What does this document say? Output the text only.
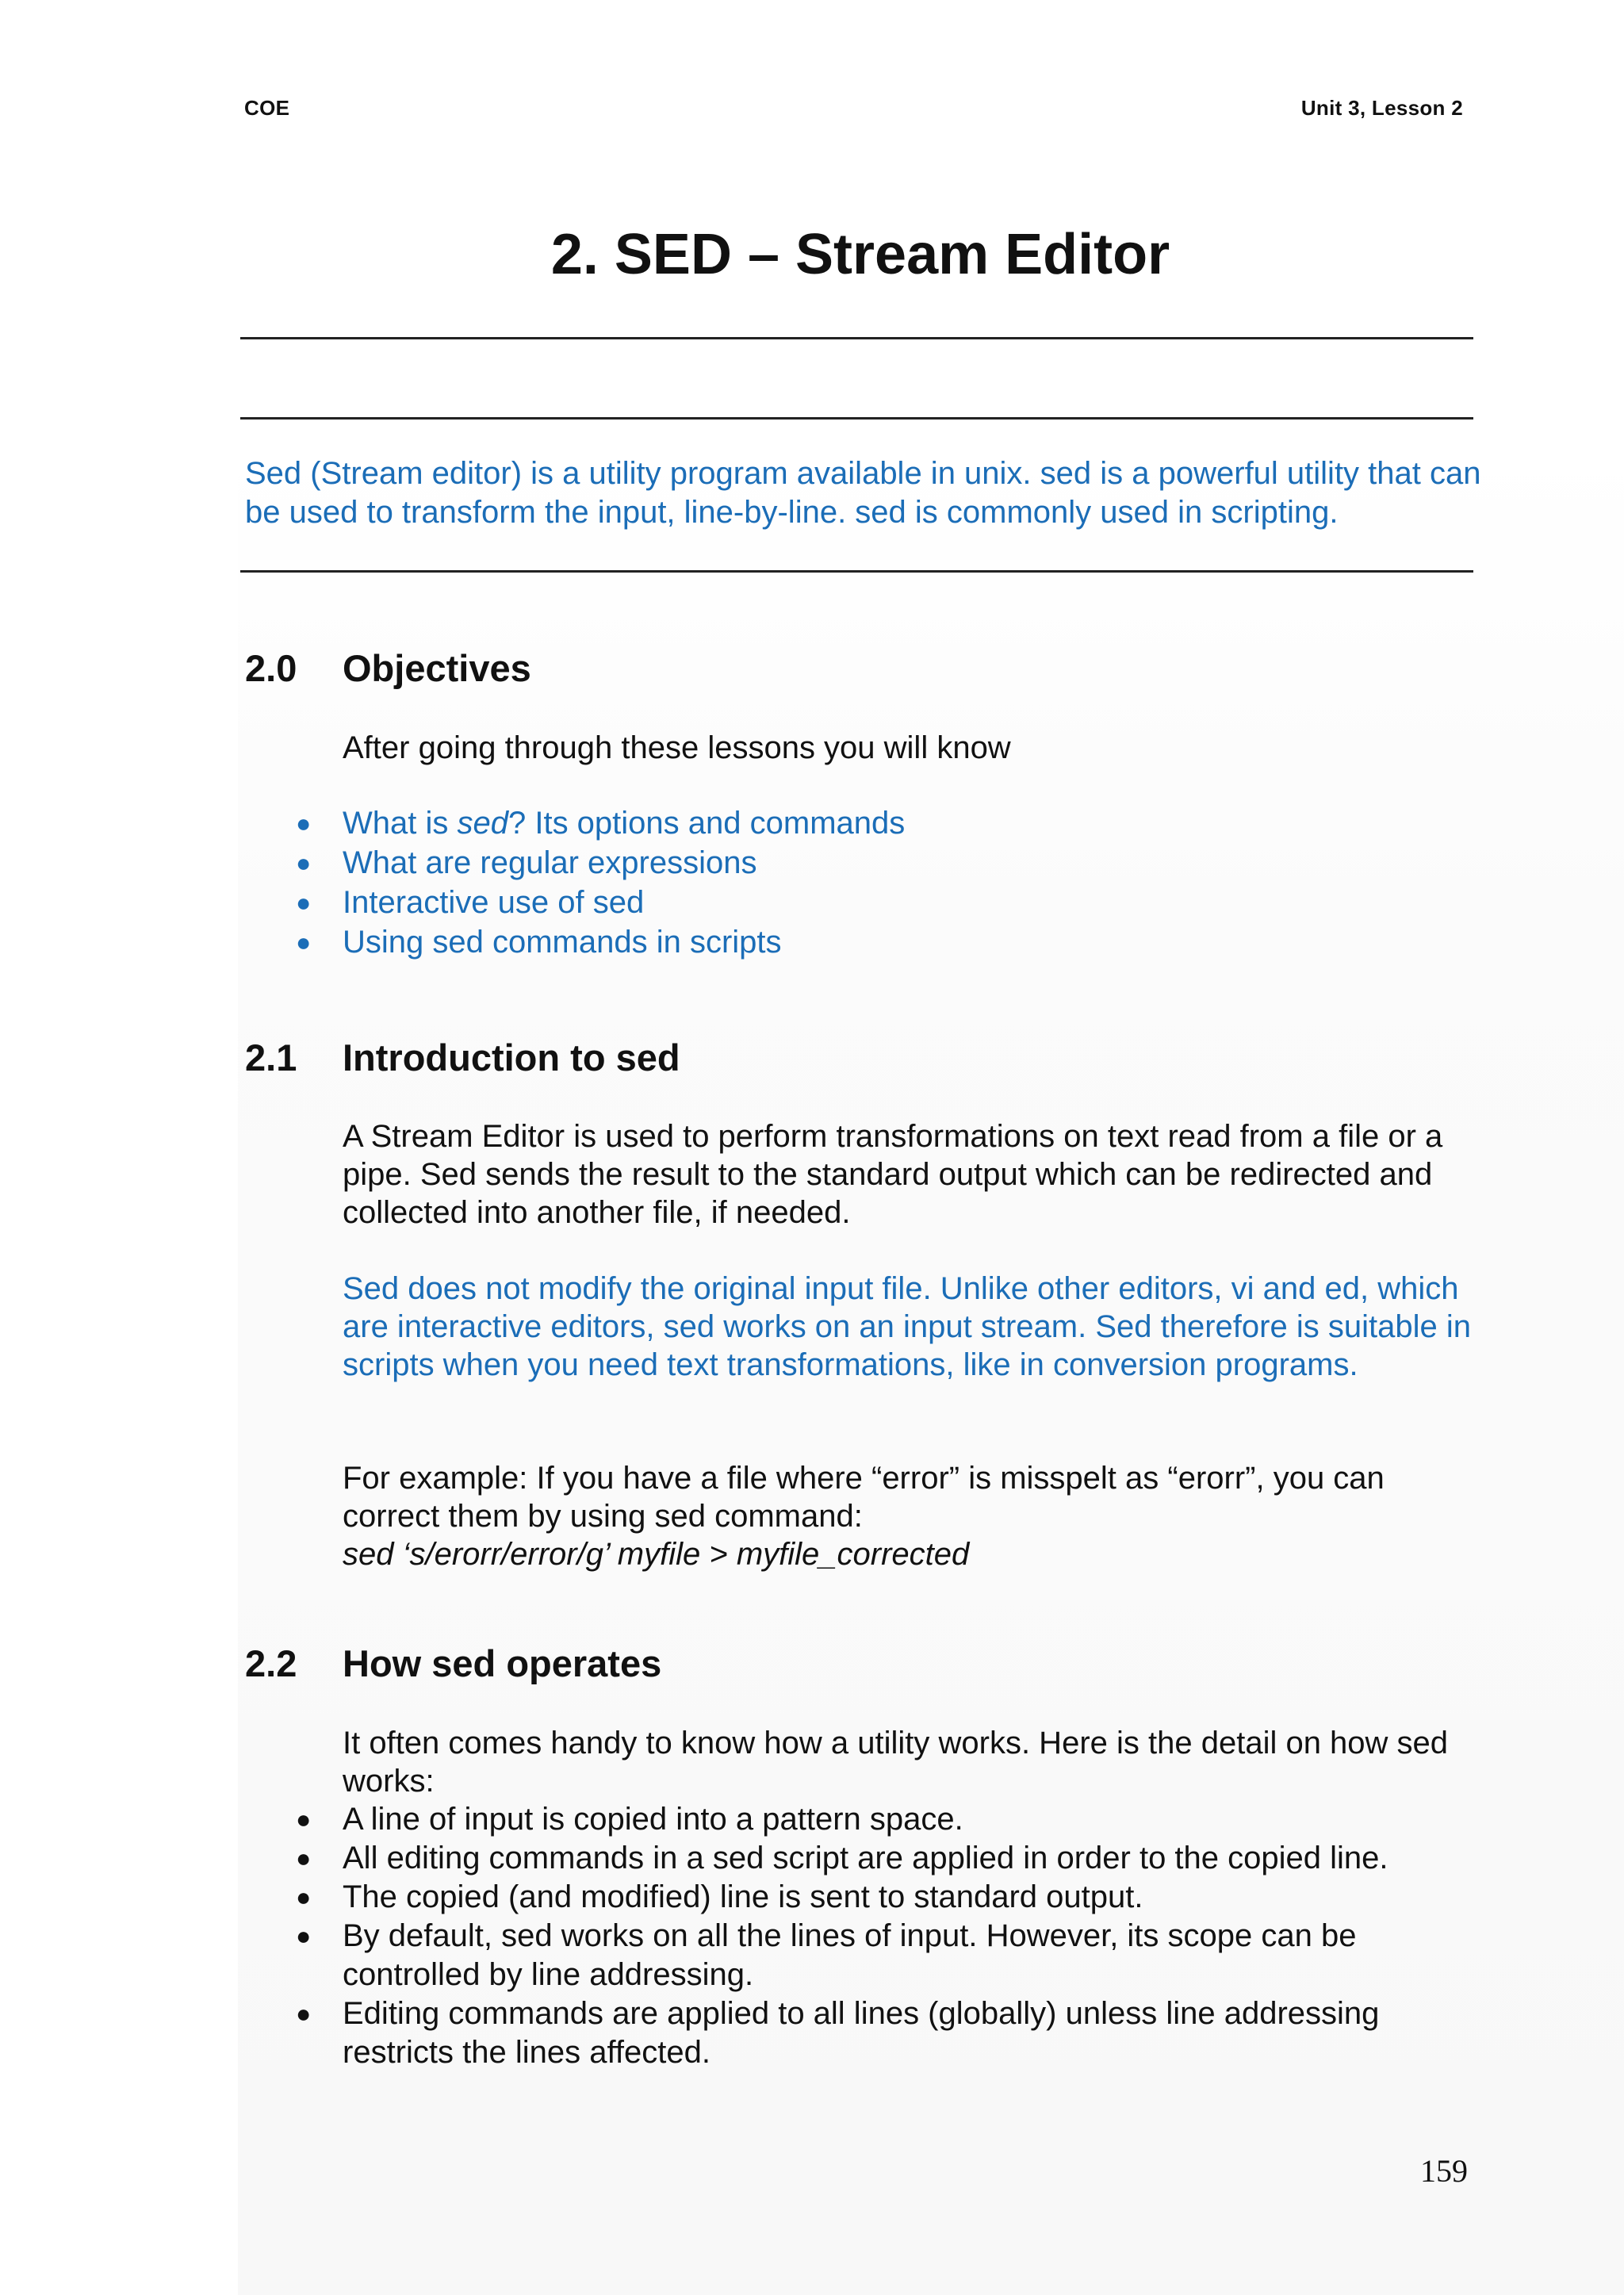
COE	Unit 3, Lesson 2
2. SED – Stream Editor

Sed (Stream editor) is a utility program available in unix. sed is a powerful utility that can be used to transform the input, line-by-line. sed is commonly used in scripting.

2.0 Objectives

After going through these lessons you will know

● What is sed? Its options and commands
● What are regular expressions
● Interactive use of sed
● Using sed commands in scripts
2.1 Introduction to sed

A Stream Editor is used to perform transformations on text read from a file or a pipe. Sed sends the result to the standard output which can be redirected and collected into another file, if needed.

Sed does not modify the original input file. Unlike other editors, vi and ed, which are interactive editors, sed works on an input stream. Sed therefore is suitable in scripts when you need text transformations, like in conversion programs.

For example: If you have a file where “error” is misspelt as “erorr”, you can correct them by using sed command:
sed ‘s/erorr/error/g’ myfile > myfile_corrected

2.2 How sed operates

It often comes handy to know how a utility works. Here is the detail on how sed works:

● A line of input is copied into a pattern space.
● All editing commands in a sed script are applied in order to the copied line.
● The copied (and modified) line is sent to standard output.
● By default, sed works on all the lines of input. However, its scope can be controlled by line addressing.
● Editing commands are applied to all lines (globally) unless line addressing restricts the lines affected.
159
